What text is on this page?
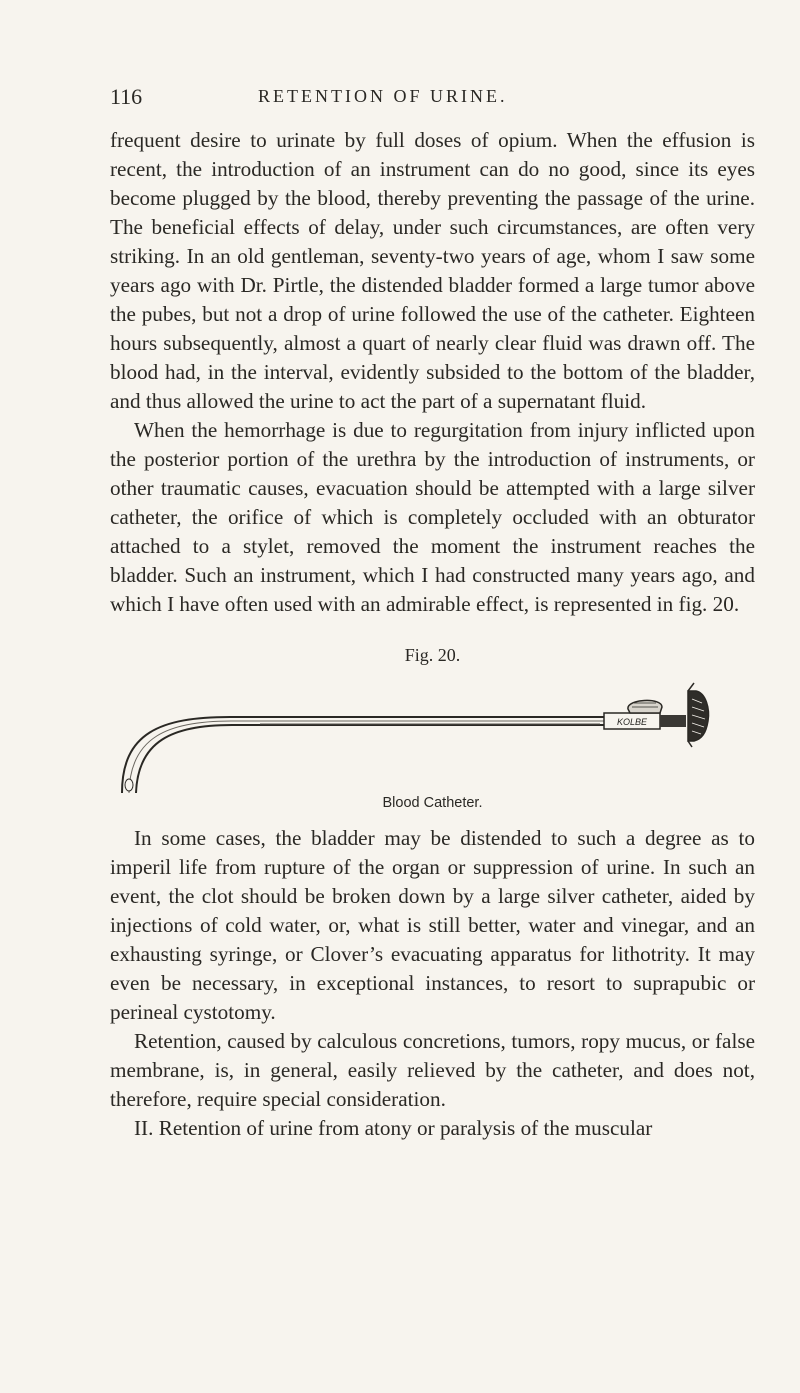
116	RETENTION OF URINE.

frequent desire to urinate by full doses of opium. When the effusion is recent, the introduction of an instrument can do no good, since its eyes become plugged by the blood, thereby preventing the passage of the urine. The beneficial effects of delay, under such circumstances, are often very striking. In an old gentleman, seventy-two years of age, whom I saw some years ago with Dr. Pirtle, the distended bladder formed a large tumor above the pubes, but not a drop of urine followed the use of the catheter. Eighteen hours subsequently, almost a quart of nearly clear fluid was drawn off. The blood had, in the interval, evidently subsided to the bottom of the bladder, and thus allowed the urine to act the part of a supernatant fluid.

When the hemorrhage is due to regurgitation from injury inflicted upon the posterior portion of the urethra by the introduction of instruments, or other traumatic causes, evacuation should be attempted with a large silver catheter, the orifice of which is completely occluded with an obturator attached to a stylet, removed the moment the instrument reaches the bladder. Such an instrument, which I had constructed many years ago, and which I have often used with an admirable effect, is represented in fig. 20.

Fig. 20.
KOLBE
Blood Catheter.

In some cases, the bladder may be distended to such a degree as to imperil life from rupture of the organ or suppression of urine. In such an event, the clot should be broken down by a large silver catheter, aided by injections of cold water, or, what is still better, water and vinegar, and an exhausting syringe, or Clover’s evacuating apparatus for lithotrity. It may even be necessary, in exceptional instances, to resort to suprapubic or perineal cystotomy.

Retention, caused by calculous concretions, tumors, ropy mucus, or false membrane, is, in general, easily relieved by the catheter, and does not, therefore, require special consideration.

II. Retention of urine from atony or paralysis of the muscular
